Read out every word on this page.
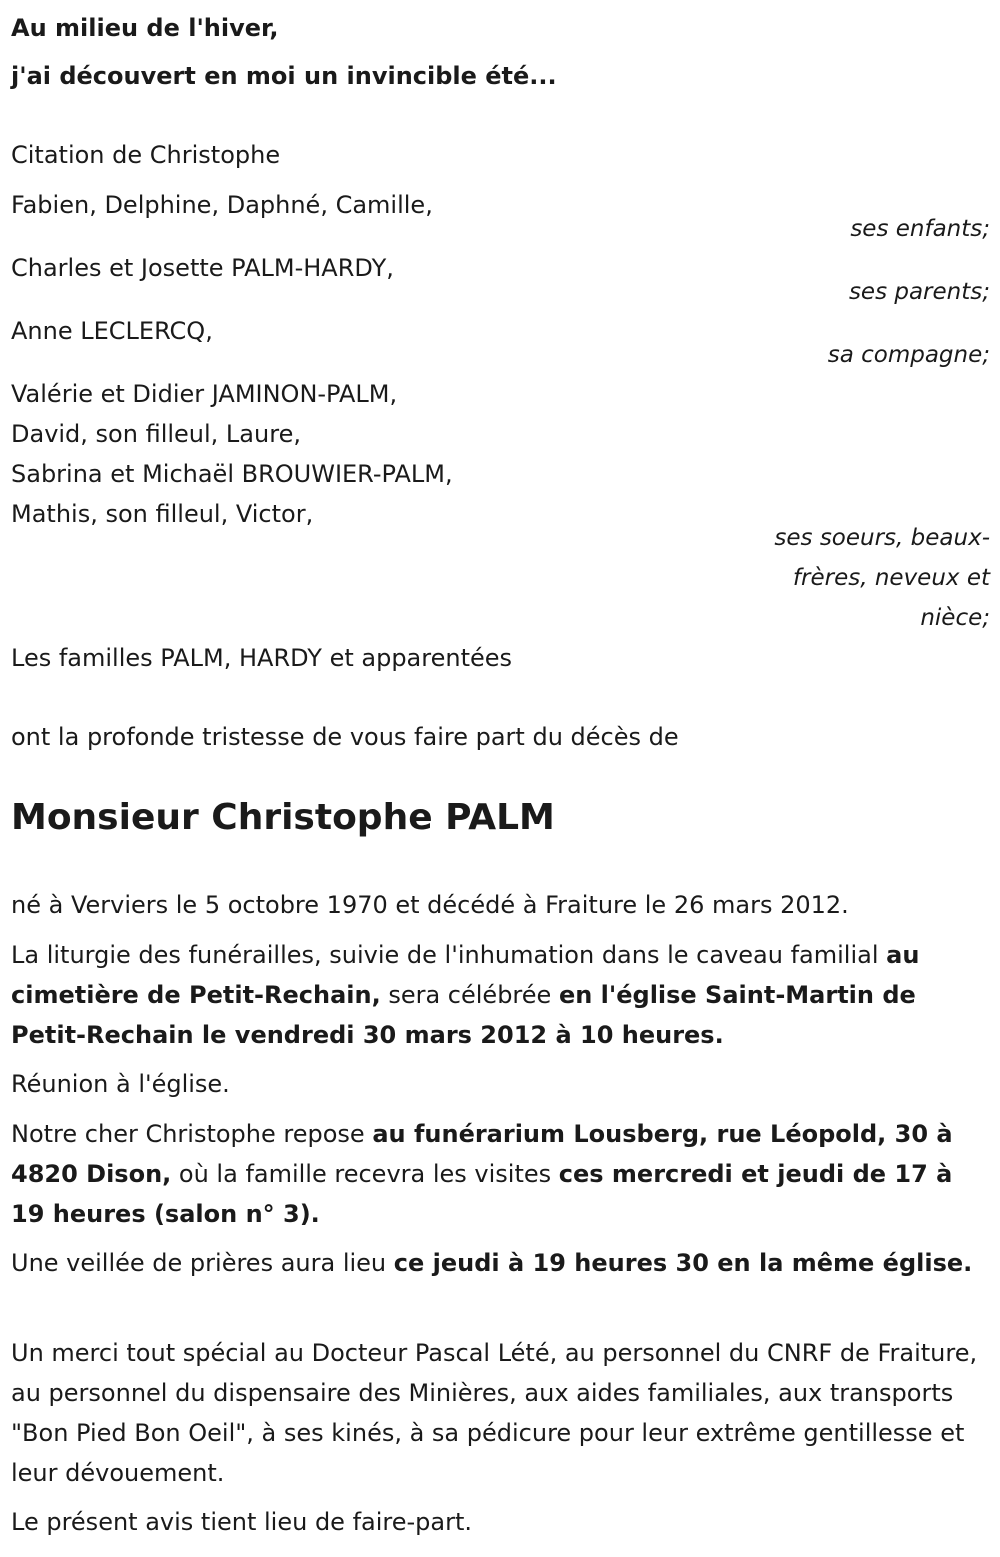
Au milieu de l'hiver,

j'ai découvert en moi un invincible été...

Citation de Christophe

Fabien, Delphine, Daphné, Camille,

ses enfants;

Charles et Josette PALM-HARDY,

ses parents;

Anne LECLERCQ,

sa compagne;

Valérie et Didier JAMINON-PALM,

David, son filleul, Laure,

Sabrina et Michaël BROUWIER-PALM,

Mathis, son filleul, Victor,

ses soeurs, beaux-

frères, neveux et

nièce;

Les familles PALM, HARDY et apparentées

ont la profonde tristesse de vous faire part du décès de

Monsieur Christophe PALM

né à Verviers le 5 octobre 1970 et décédé à Fraiture le 26 mars 2012.

La liturgie des funérailles, suivie de l'inhumation dans le caveau familial au cimetière de Petit-Rechain, sera célébrée en l'église Saint-Martin de Petit-Rechain le vendredi 30 mars 2012 à 10 heures.

Réunion à l'église.

Notre cher Christophe repose au funérarium Lousberg, rue Léopold, 30 à 4820 Dison, où la famille recevra les visites ces mercredi et jeudi de 17 à 19 heures (salon n° 3).

Une veillée de prières aura lieu ce jeudi à 19 heures 30 en la même église.

Un merci tout spécial au Docteur Pascal Lété, au personnel du CNRF de Fraiture, au personnel du dispensaire des Minières, aux aides familiales, aux transports "Bon Pied Bon Oeil", à ses kinés, à sa pédicure pour leur extrême gentillesse et leur dévouement.

Le présent avis tient lieu de faire-part.
